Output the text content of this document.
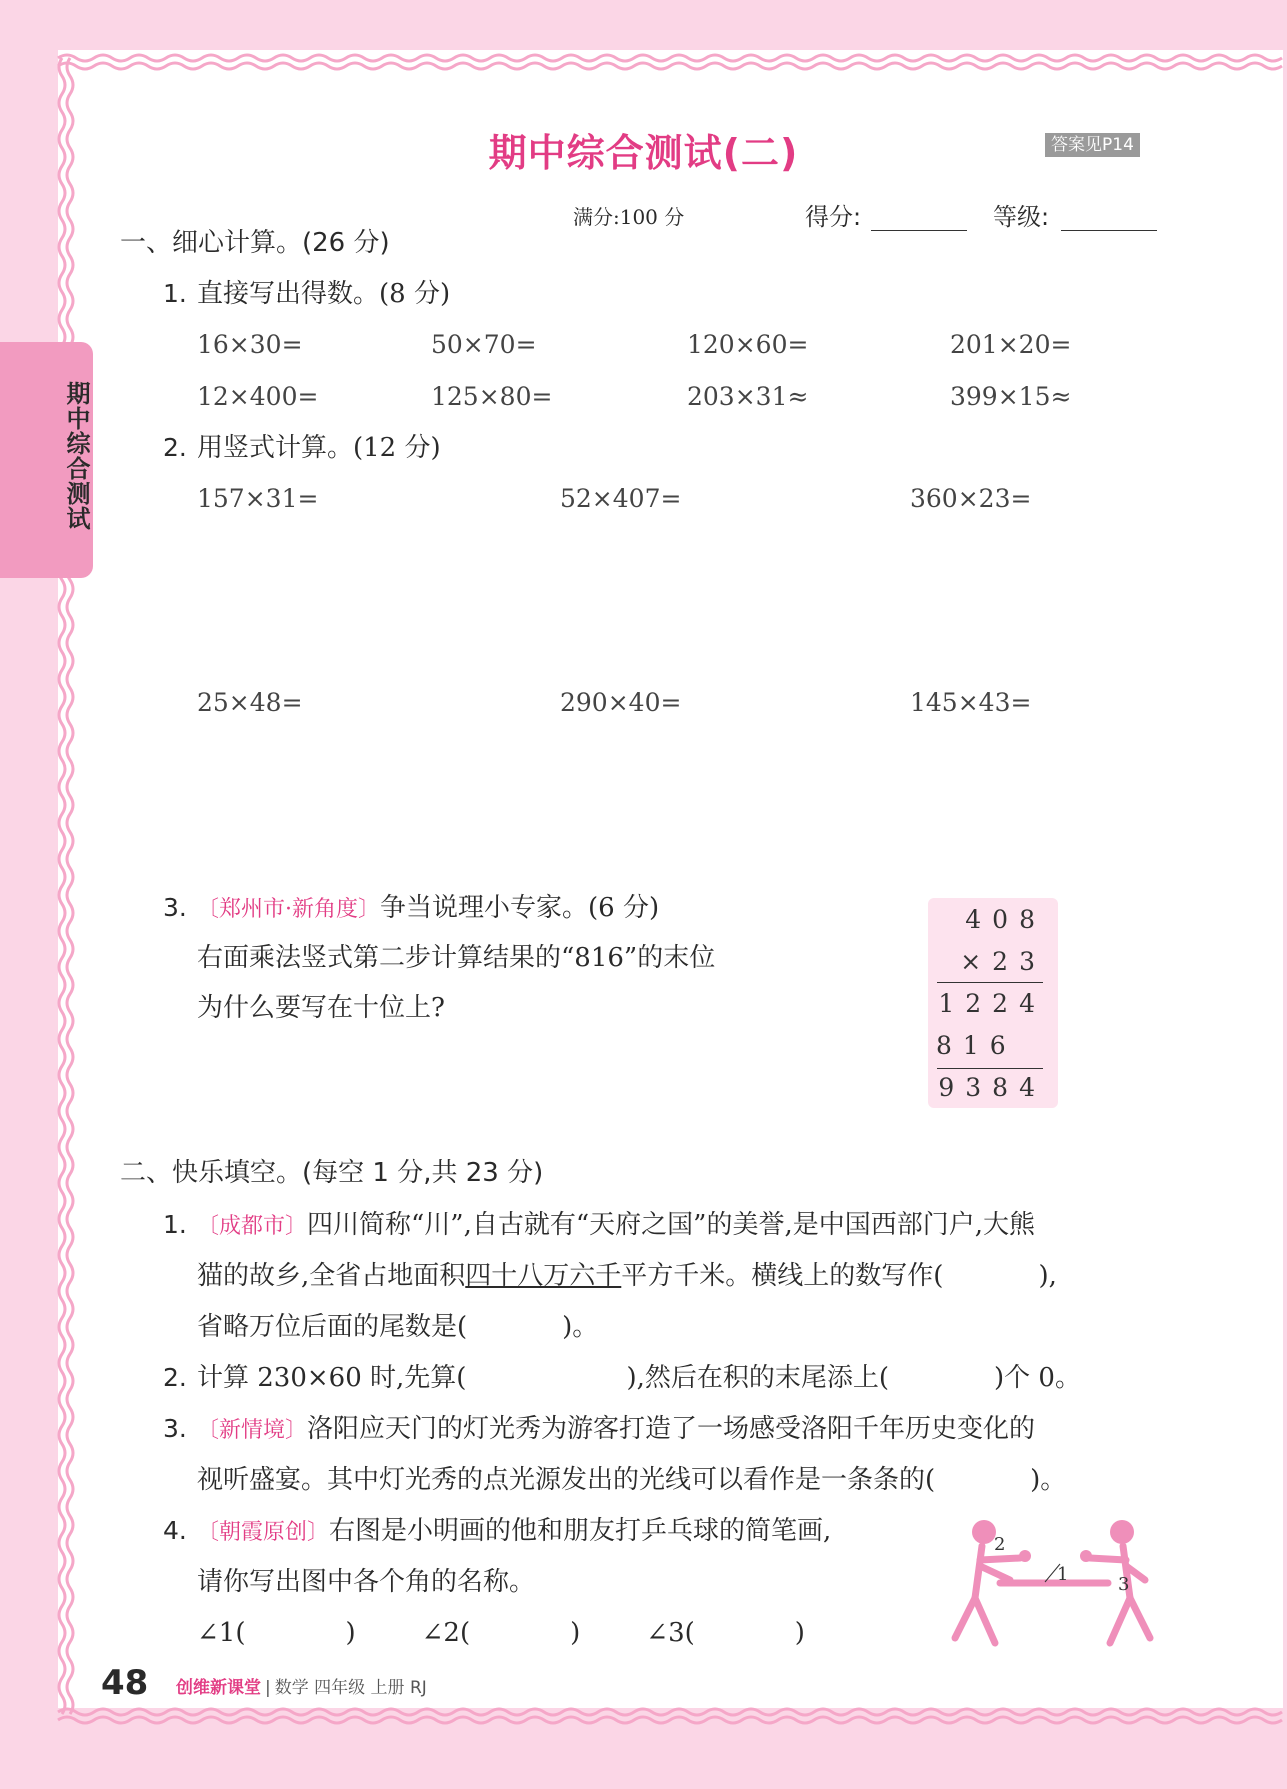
期中综合测试
期中综合测试(二)	答案见P14
满分:100 分	得分:	等级:
一、细心计算。(26 分)
1. 直接写出得数。(8 分)
16×30=	50×70=	120×60=	201×20=
12×400=	125×80=	203×31≈	399×15≈
2. 用竖式计算。(12 分)
157×31=	52×407=	360×23=
25×48=	290×40=	145×43=
3. 〔郑州市·新角度〕争当说理小专家。(6 分)
右面乘法竖式第二步计算结果的“816”的末位
为什么要写在十位上?
408
×23
1224
816
9384
二、快乐填空。(每空 1 分,共 23 分)
1. 〔成都市〕四川简称“川”,自古就有“天府之国”的美誉,是中国西部门户,大熊
猫的故乡,全省占地面积四十八万六千平方千米。横线上的数写作(	),
省略万位后面的尾数是(	)。
2. 计算 230×60 时,先算(	),然后在积的末尾添上(	)个 0。
3. 〔新情境〕洛阳应天门的灯光秀为游客打造了一场感受洛阳千年历史变化的
视听盛宴。其中灯光秀的点光源发出的光线可以看作是一条条的(	)。
4. 〔朝霞原创〕右图是小明画的他和朋友打乒乓球的简笔画,
请你写出图中各个角的名称。
∠1(	)	∠2(	)	∠3(	)
2
1	3
48 创维新课堂 | 数学 四年级 上册 RJ
